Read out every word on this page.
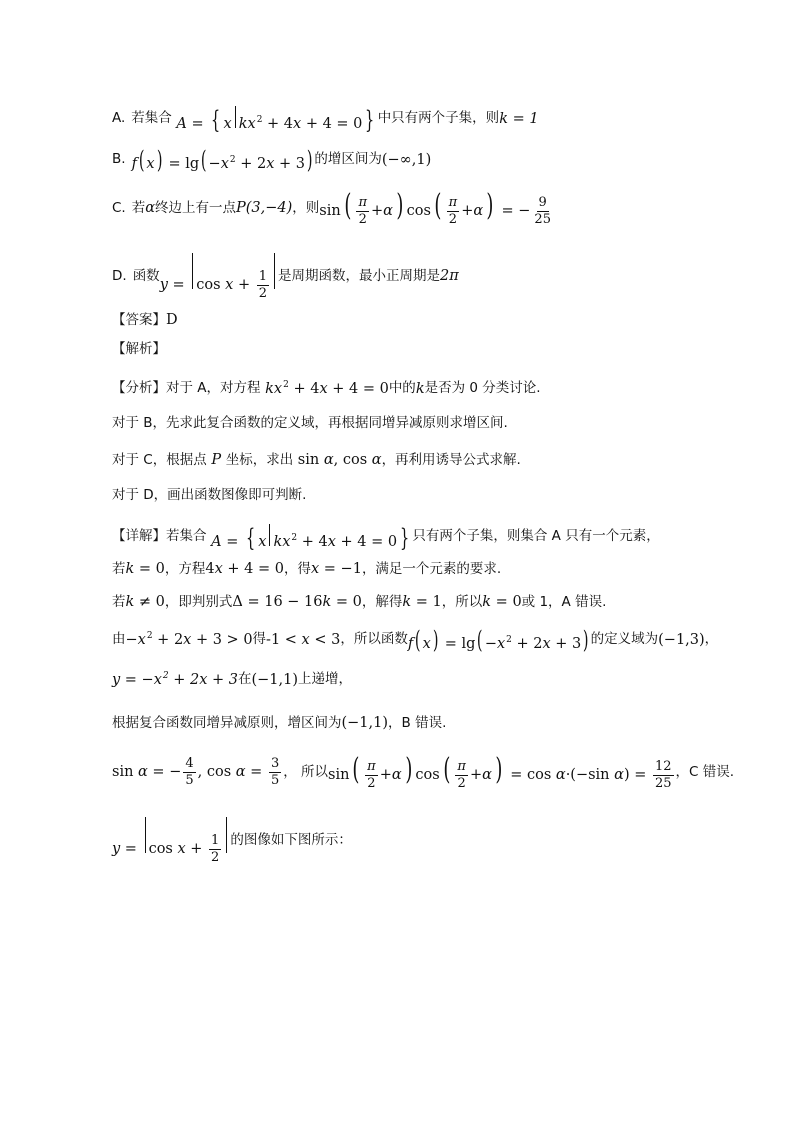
A. 若集合 A = { x $kx^2 + 4x + 4 = 0$ } 中只有两个子集，则 k = 1
B. f( $x) = \lg( -x^2 + 2x + 3)$ 的增区间为 (−∞,1)
C. 若 α 终边上有一点 P(3,−4) ，则 sin ( $\frac{\pi}{2} +\alpha$ ) cos ( $\frac{\pi}{2} +\alpha$ ) = − $\frac{9}{25}$
D. 函数
$y = \cos x + \frac{1}{2}$ 是周期函数，最小正周期是 2π
【答案】 D
【解析】
【分析】 对于 A，对方程 $kx^2 + 4x + 4 = 0$ 中的 k 是否为 0 分类讨论.
对于 B，先求此复合函数的定义域，再根据同增异减原则求增区间.
对于 C，根据点 P 坐标，求出 sin α, cos α ，再利用诱导公式求解.
对于 D，画出函数图像即可判断.
【详解】 若集合 A = { x $kx^2 + 4x + 4 = 0$ } 只有两个子集，则集合 A 只有一个元素，
若 k = 0 ，方程 4x + 4 = 0 ，得 x = −1 ，满足一个元素的要求.
若 k ≠ 0 ，即判别式 Δ = 16 − 16k = 0 ，解得 k = 1 ，所以 k = 0 或 1，A 错误.
由 $-x^2 + 2x + 3 > 0$ 得 -1 < x < 3 ，所以函数 f( $x) = \lg( -x^2 + 2x + 3)$ 的定义域为 (−1,3) ，
$y = -x^2 + 2x + 3$ 在 (−1,1) 上递增，
根据复合函数同增异减原则，增区间为 (−1,1) ，B 错误.
sin α = − $\frac{4}{5}$ , $\cos \alpha = \frac{3}{5}$ ， 所以 sin ( $\frac{\pi}{2} +\alpha$ ) cos ( $\frac{\pi}{2} +\alpha$ ) = cos α·(−sin $\alpha) = \frac{12}{25}$ ，C 错误.
$y = \cos x + \frac{1}{2}$ 的图像如下图所示：
